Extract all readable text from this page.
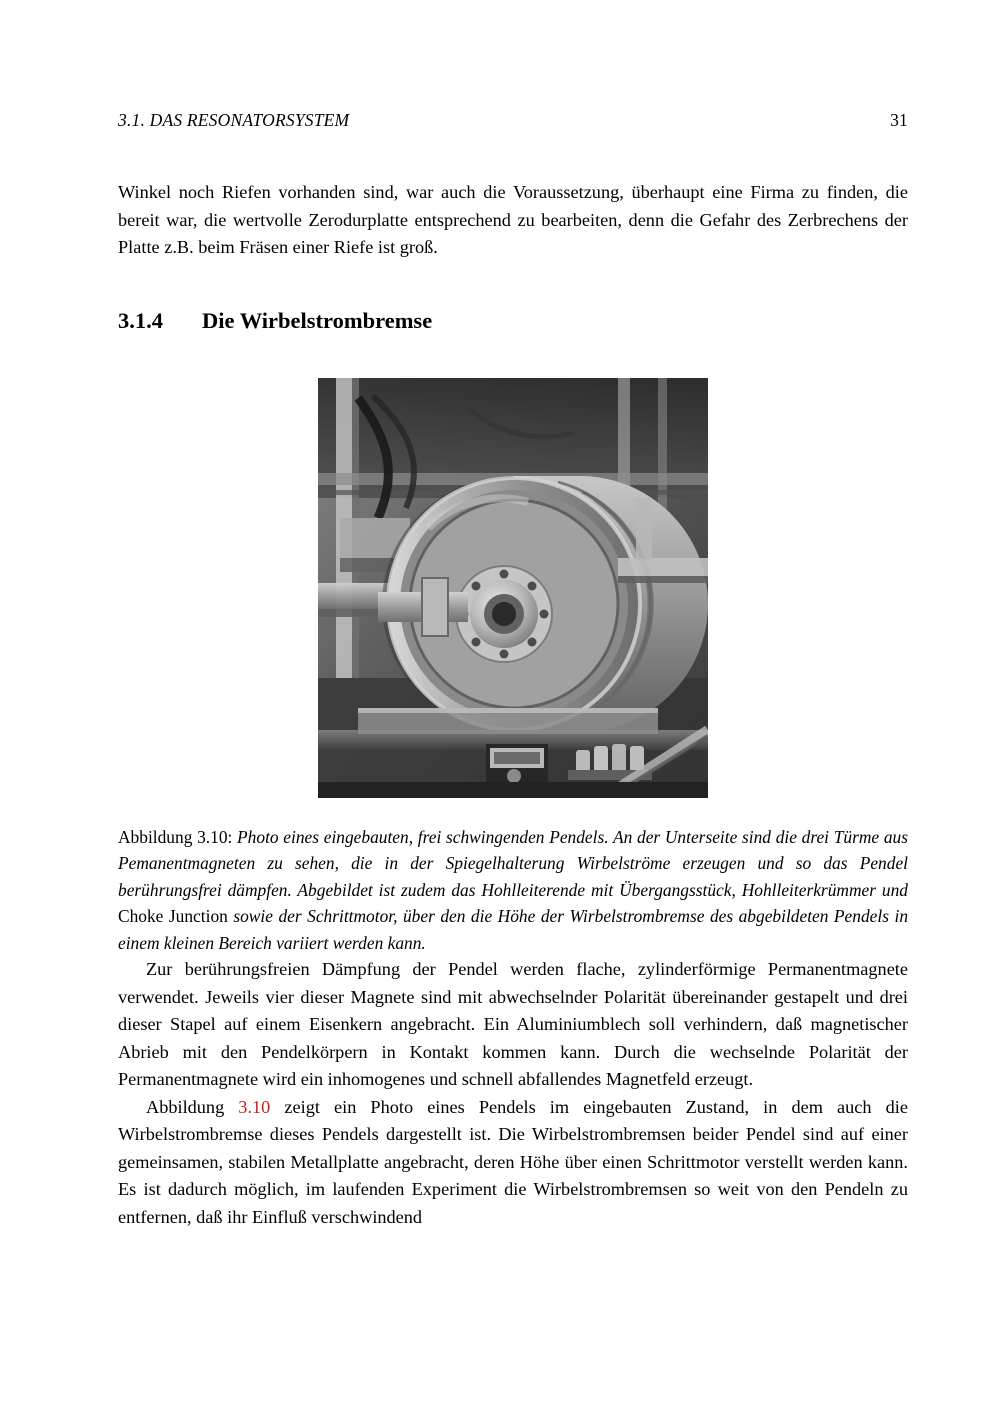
3.1. DAS RESONATORSYSTEM	31

Winkel noch Riefen vorhanden sind, war auch die Voraussetzung, überhaupt eine Firma zu finden, die bereit war, die wertvolle Zerodurplatte entsprechend zu bearbeiten, denn die Gefahr des Zerbrechens der Platte z.B. beim Fräsen einer Riefe ist groß.

3.1.4	Die Wirbelstrombremse
Abbildung 3.10: Photo eines eingebauten, frei schwingenden Pendels. An der Unterseite sind die drei Türme aus Pemanentmagneten zu sehen, die in der Spiegelhalterung Wirbelströme erzeugen und so das Pendel berührungsfrei dämpfen. Abgebildet ist zudem das Hohlleiterende mit Übergangsstück, Hohlleiterkrümmer und Choke Junction sowie der Schrittmotor, über den die Höhe der Wirbelstrombremse des abgebildeten Pendels in einem kleinen Bereich variiert werden kann.

Zur berührungsfreien Dämpfung der Pendel werden flache, zylinderförmige Permanentmagnete verwendet. Jeweils vier dieser Magnete sind mit abwechselnder Polarität übereinander gestapelt und drei dieser Stapel auf einem Eisenkern angebracht. Ein Aluminiumblech soll verhindern, daß magnetischer Abrieb mit den Pendelkörpern in Kontakt kommen kann. Durch die wechselnde Polarität der Permanentmagnete wird ein inhomogenes und schnell abfallendes Magnetfeld erzeugt.

Abbildung 3.10 zeigt ein Photo eines Pendels im eingebauten Zustand, in dem auch die Wirbelstrombremse dieses Pendels dargestellt ist. Die Wirbelstrombremsen beider Pendel sind auf einer gemeinsamen, stabilen Metallplatte angebracht, deren Höhe über einen Schrittmotor verstellt werden kann. Es ist dadurch möglich, im laufenden Experiment die Wirbelstrombremsen so weit von den Pendeln zu entfernen, daß ihr Einfluß verschwindend
